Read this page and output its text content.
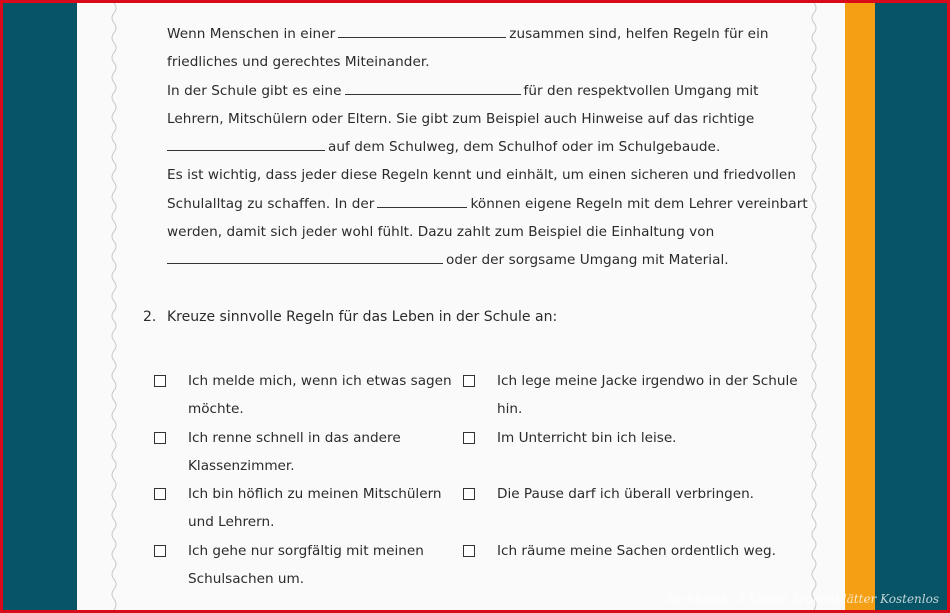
Wenn Menschen in einer	zusammen sind, helfen Regeln für ein
friedliches und gerechtes Miteinander.
In der Schule gibt es eine	für den respektvollen Umgang mit
Lehrern, Mitschülern oder Eltern. Sie gibt zum Beispiel auch Hinweise auf das richtige
auf dem Schulweg, dem Schulhof oder im Schulgebaude.
Es ist wichtig, dass jeder diese Regeln kennt und einhält, um einen sicheren und friedvollen
Schulalltag zu schaffen. In der	können eigene Regeln mit dem Lehrer vereinbart
werden, damit sich jeder wohl fühlt. Dazu zahlt zum Beispiel die Einhaltung von
oder der sorgsame Umgang mit Material.
2. Kreuze sinnvolle Regeln für das Leben in der Schule an:
Ich melde mich, wenn ich etwas sagen
möchte.
Ich renne schnell in das andere
Klassenzimmer.
Ich bin höflich zu meinen Mitschülern
und Lehrern.
Ich gehe nur sorgfältig mit meinen
Schulsachen um.
Ich lege meine Jacke irgendwo in der Schule
hin.
Im Unterricht bin ich leise.
Die Pause darf ich überall verbringen.
Ich räume meine Sachen ordentlich weg.
Sachkunde 3 Klasse Arbeitsblätter Kostenlos
